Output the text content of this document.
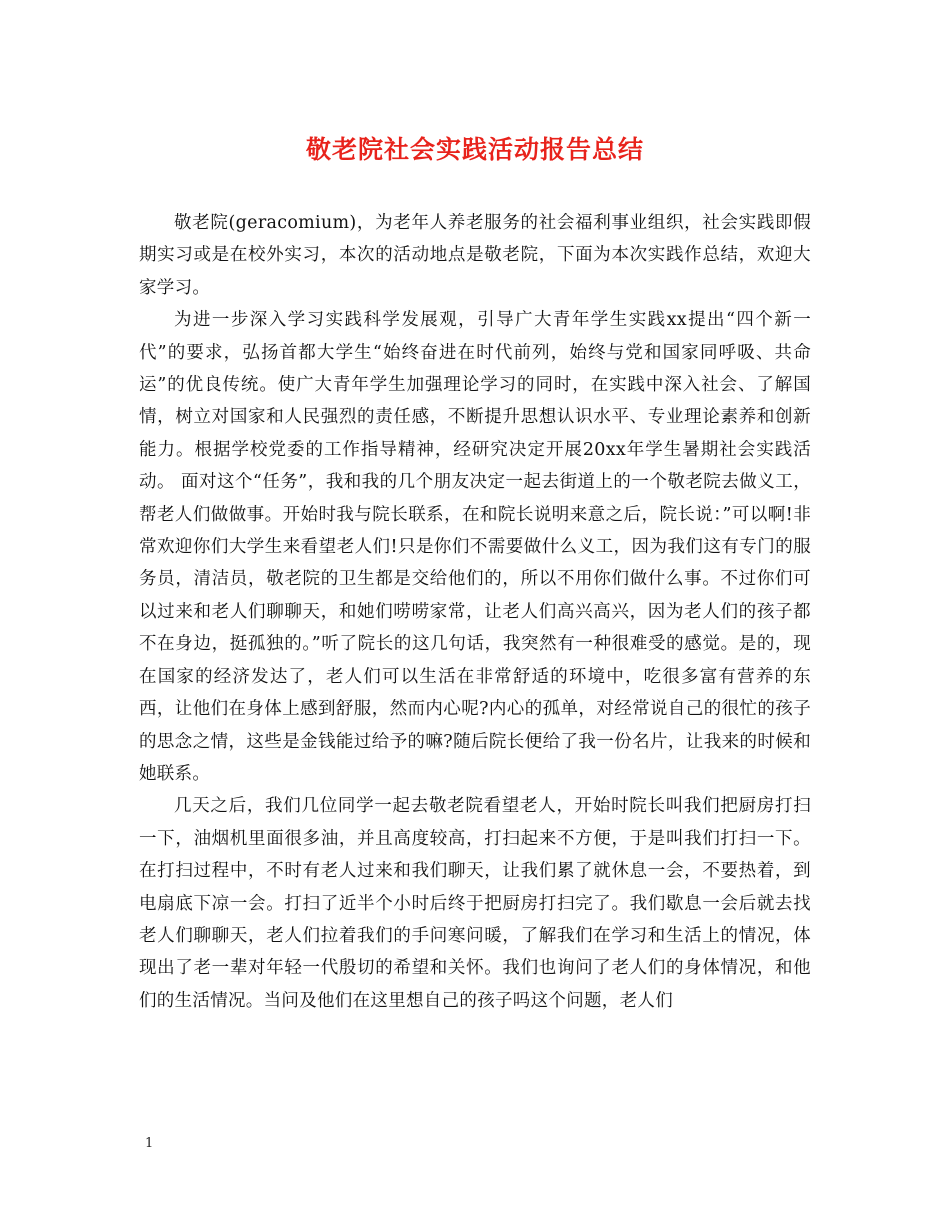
敬老院社会实践活动报告总结

敬老院(geracomium)，为老年人养老服务的社会福利事业组织，社会实践即假期实习或是在校外实习，本次的活动地点是敬老院，下面为本次实践作总结，欢迎大家学习。

为进一步深入学习实践科学发展观，引导广大青年学生实践xx提出“四个新一代”的要求，弘扬首都大学生“始终奋进在时代前列，始终与党和国家同呼吸、共命运”的优良传统。使广大青年学生加强理论学习的同时，在实践中深入社会、了解国情，树立对国家和人民强烈的责任感，不断提升思想认识水平、专业理论素养和创新能力。根据学校党委的工作指导精神，经研究决定开展20xx年学生暑期社会实践活动。 面对这个“任务”，我和我的几个朋友决定一起去街道上的一个敬老院去做义工，帮老人们做做事。开始时我与院长联系，在和院长说明来意之后，院长说：”可以啊!非常欢迎你们大学生来看望老人们!只是你们不需要做什么义工，因为我们这有专门的服务员，清洁员，敬老院的卫生都是交给他们的，所以不用你们做什么事。不过你们可以过来和老人们聊聊天，和她们唠唠家常，让老人们高兴高兴，因为老人们的孩子都不在身边，挺孤独的。”听了院长的这几句话，我突然有一种很难受的感觉。是的，现在国家的经济发达了，老人们可以生活在非常舒适的环境中，吃很多富有营养的东西，让他们在身体上感到舒服，然而内心呢?内心的孤单，对经常说自己的很忙的孩子的思念之情，这些是金钱能过给予的嘛?随后院长便给了我一份名片，让我来的时候和她联系。

几天之后，我们几位同学一起去敬老院看望老人，开始时院长叫我们把厨房打扫一下，油烟机里面很多油，并且高度较高，打扫起来不方便，于是叫我们打扫一下。在打扫过程中，不时有老人过来和我们聊天，让我们累了就休息一会，不要热着，到电扇底下凉一会。打扫了近半个小时后终于把厨房打扫完了。我们歇息一会后就去找老人们聊聊天，老人们拉着我们的手问寒问暖，了解我们在学习和生活上的情况，体现出了老一辈对年轻一代殷切的希望和关怀。我们也询问了老人们的身体情况，和他们的生活情况。当问及他们在这里想自己的孩子吗这个问题，老人们

1
